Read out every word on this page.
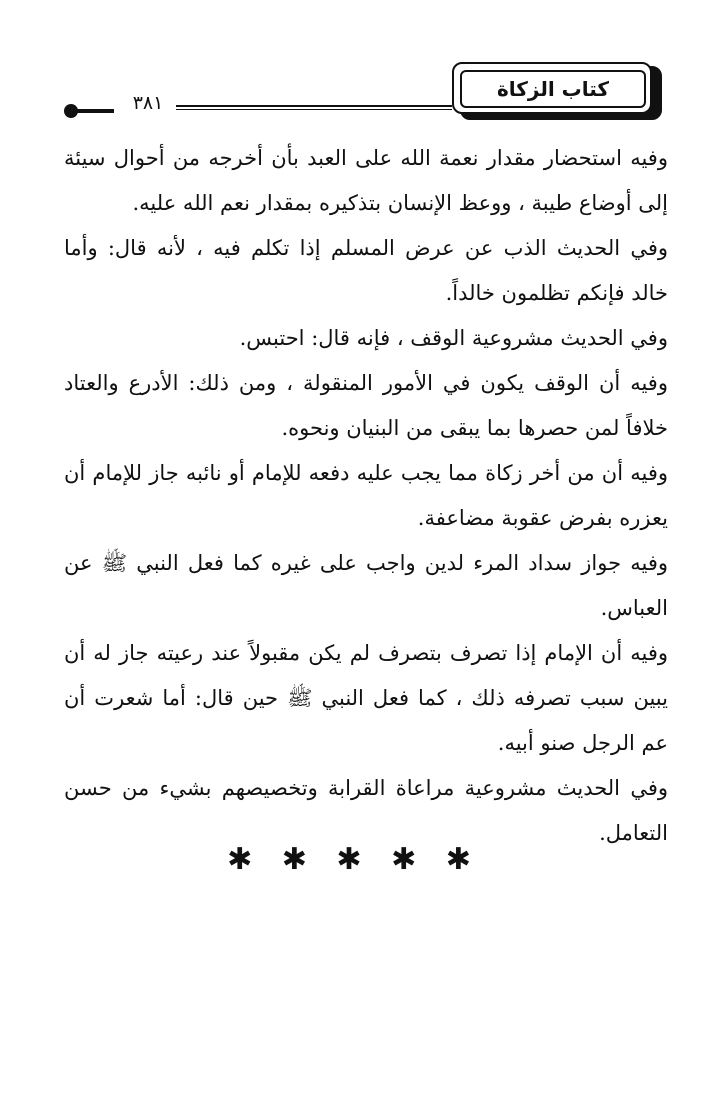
كتاب الزكاة
٣٨١

وفيه استحضار مقدار نعمة الله على العبد بأن أخرجه من أحوال سيئة إلى أوضاع طيبة ، ووعظ الإنسان بتذكيره بمقدار نعم الله عليه.

وفي الحديث الذب عن عرض المسلم إذا تكلم فيه ، لأنه قال: وأما خالد فإنكم تظلمون خالداً.

وفي الحديث مشروعية الوقف ، فإنه قال: احتبس.

وفيه أن الوقف يكون في الأمور المنقولة ، ومن ذلك: الأدرع والعتاد خلافاً لمن حصرها بما يبقى من البنيان ونحوه.

وفيه أن من أخر زكاة مما يجب عليه دفعه للإمام أو نائبه جاز للإمام أن يعزره بفرض عقوبة مضاعفة.

وفيه جواز سداد المرء لدين واجب على غيره كما فعل النبي ﷺ عن العباس.

وفيه أن الإمام إذا تصرف بتصرف لم يكن مقبولاً عند رعيته جاز له أن يبين سبب تصرفه ذلك ، كما فعل النبي ﷺ حين قال: أما شعرت أن عم الرجل صنو أبيه.

وفي الحديث مشروعية مراعاة القرابة وتخصيصهم بشيء من حسن التعامل.

✱ ✱ ✱ ✱ ✱
